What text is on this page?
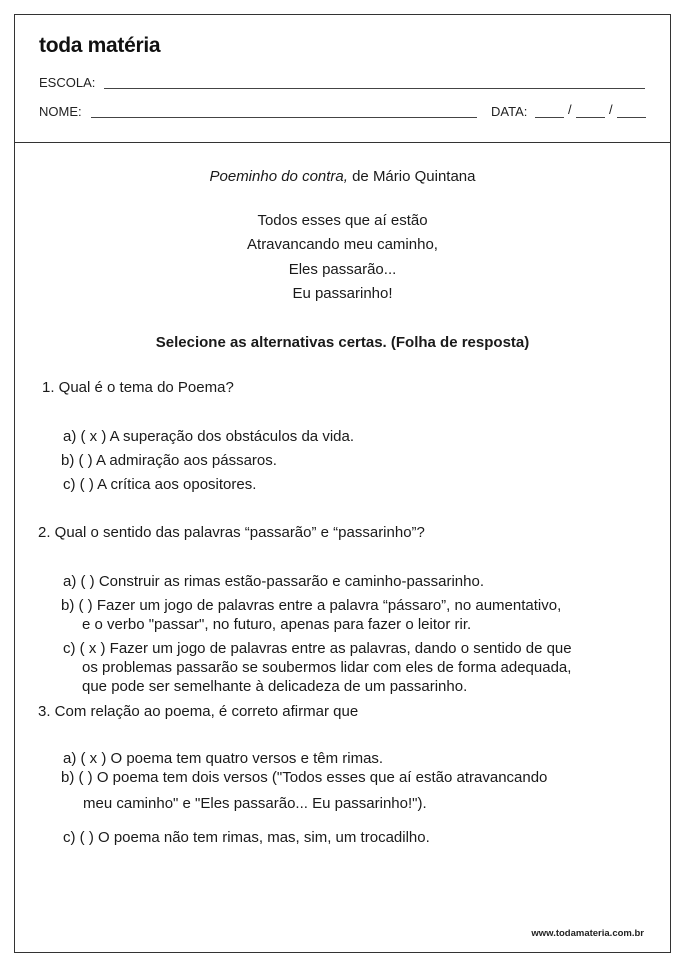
toda matéria
ESCOLA:
NOME:	DATA:	/	/
Poeminho do contra, de Mário Quintana
Todos esses que aí estão
Atravancando meu caminho,
Eles passarão...
Eu passarinho!
Selecione as alternativas certas. (Folha de resposta)
1. Qual é o tema do Poema?
a) ( x ) A superação dos obstáculos da vida.
b) ( ) A admiração aos pássaros.
c) ( ) A crítica aos opositores.
2. Qual o sentido das palavras “passarão” e “passarinho”?
a) ( ) Construir as rimas estão-passarão e caminho-passarinho.
b) ( ) Fazer um jogo de palavras entre a palavra “pássaro”, no aumentativo,
e o verbo "passar", no futuro, apenas para fazer o leitor rir.
c) ( x ) Fazer um jogo de palavras entre as palavras, dando o sentido de que
os problemas passarão se soubermos lidar com eles de forma adequada,
que pode ser semelhante à delicadeza de um passarinho.
3. Com relação ao poema, é correto afirmar que
a) ( x ) O poema tem quatro versos e têm rimas.
b) ( ) O poema tem dois versos ("Todos esses que aí estão atravancando
meu caminho" e "Eles passarão... Eu passarinho!").
c) ( ) O poema não tem rimas, mas, sim, um trocadilho.
www.todamateria.com.br
